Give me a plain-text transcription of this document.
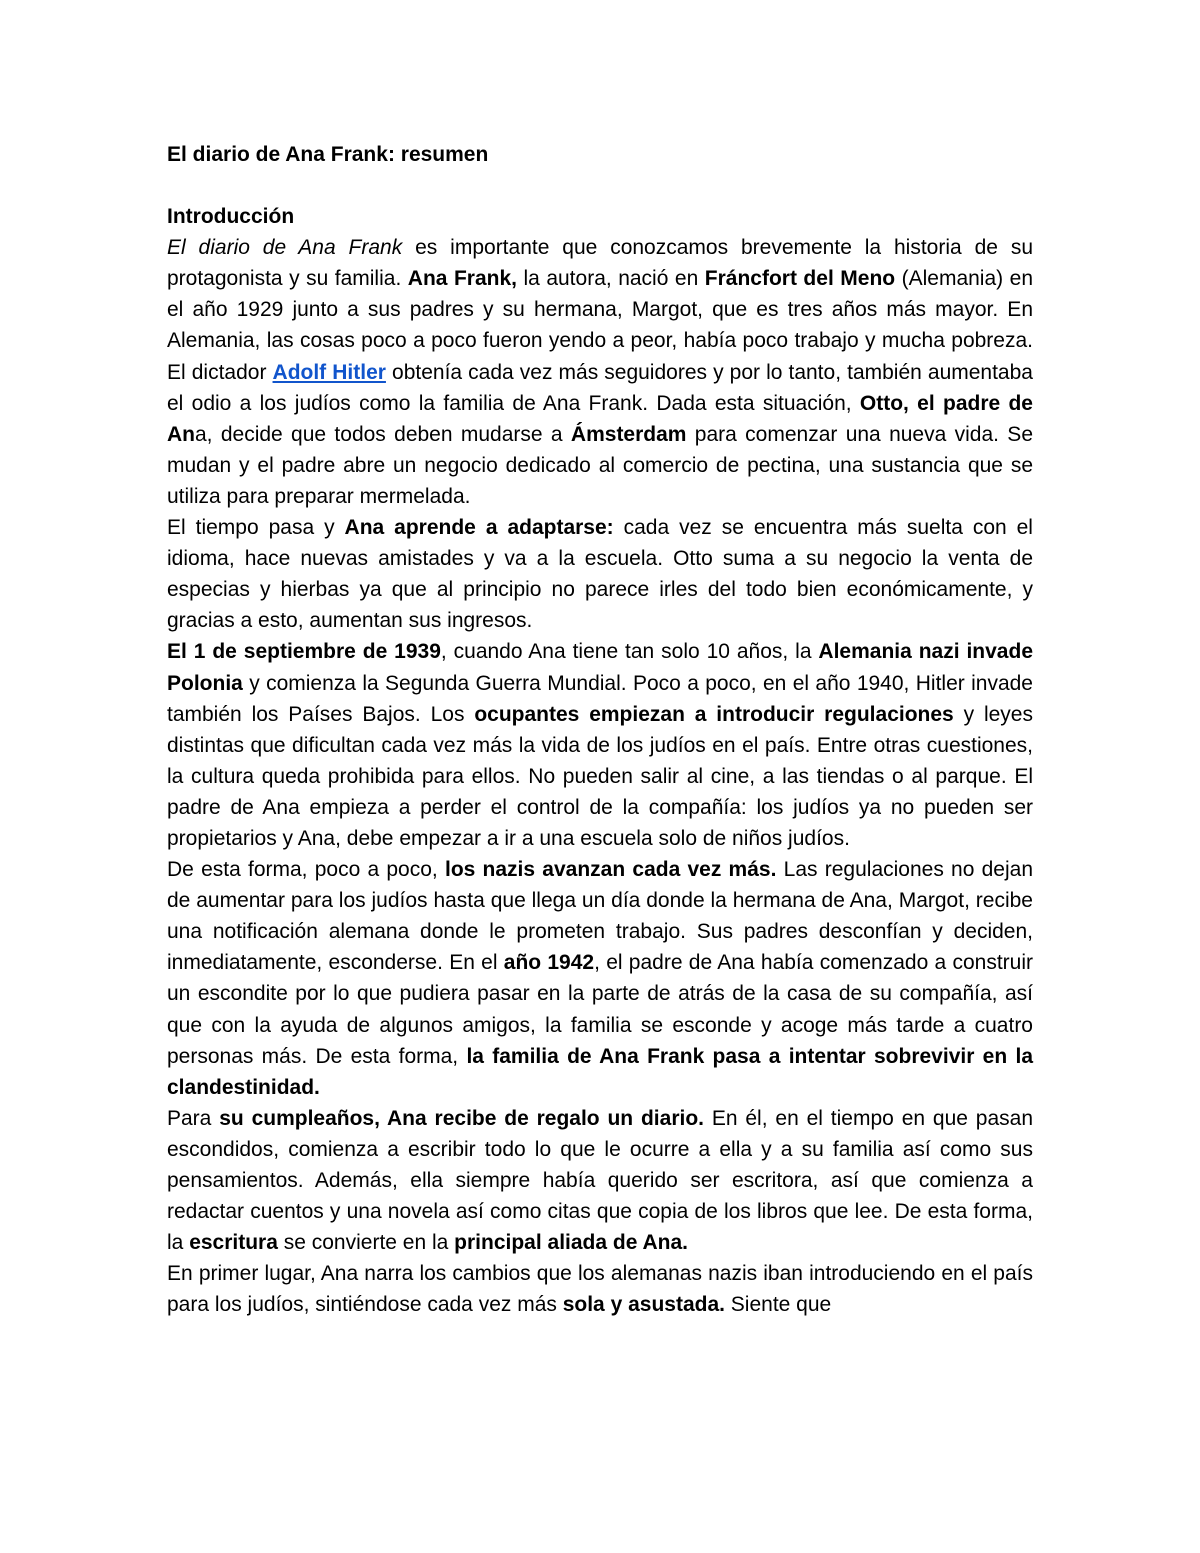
El diario de Ana Frank: resumen
Introducción

El diario de Ana Frank es importante que conozcamos brevemente la historia de su protagonista y su familia. Ana Frank, la autora, nació en Fráncfort del Meno (Alemania) en el año 1929 junto a sus padres y su hermana, Margot, que es tres años más mayor. En Alemania, las cosas poco a poco fueron yendo a peor, había poco trabajo y mucha pobreza. El dictador Adolf Hitler obtenía cada vez más seguidores y por lo tanto, también aumentaba el odio a los judíos como la familia de Ana Frank. Dada esta situación, Otto, el padre de Ana, decide que todos deben mudarse a Ámsterdam para comenzar una nueva vida. Se mudan y el padre abre un negocio dedicado al comercio de pectina, una sustancia que se utiliza para preparar mermelada.

El tiempo pasa y Ana aprende a adaptarse: cada vez se encuentra más suelta con el idioma, hace nuevas amistades y va a la escuela. Otto suma a su negocio la venta de especias y hierbas ya que al principio no parece irles del todo bien económicamente, y gracias a esto, aumentan sus ingresos.

El 1 de septiembre de 1939, cuando Ana tiene tan solo 10 años, la Alemania nazi invade Polonia y comienza la Segunda Guerra Mundial. Poco a poco, en el año 1940, Hitler invade también los Países Bajos. Los ocupantes empiezan a introducir regulaciones y leyes distintas que dificultan cada vez más la vida de los judíos en el país. Entre otras cuestiones, la cultura queda prohibida para ellos. No pueden salir al cine, a las tiendas o al parque. El padre de Ana empieza a perder el control de la compañía: los judíos ya no pueden ser propietarios y Ana, debe empezar a ir a una escuela solo de niños judíos.

De esta forma, poco a poco, los nazis avanzan cada vez más. Las regulaciones no dejan de aumentar para los judíos hasta que llega un día donde la hermana de Ana, Margot, recibe una notificación alemana donde le prometen trabajo. Sus padres desconfían y deciden, inmediatamente, esconderse. En el año 1942, el padre de Ana había comenzado a construir un escondite por lo que pudiera pasar en la parte de atrás de la casa de su compañía, así que con la ayuda de algunos amigos, la familia se esconde y acoge más tarde a cuatro personas más. De esta forma, la familia de Ana Frank pasa a intentar sobrevivir en la clandestinidad.

Para su cumpleaños, Ana recibe de regalo un diario. En él, en el tiempo en que pasan escondidos, comienza a escribir todo lo que le ocurre a ella y a su familia así como sus pensamientos. Además, ella siempre había querido ser escritora, así que comienza a redactar cuentos y una novela así como citas que copia de los libros que lee. De esta forma, la escritura se convierte en la principal aliada de Ana.

En primer lugar, Ana narra los cambios que los alemanas nazis iban introduciendo en el país para los judíos, sintiéndose cada vez más sola y asustada. Siente que
